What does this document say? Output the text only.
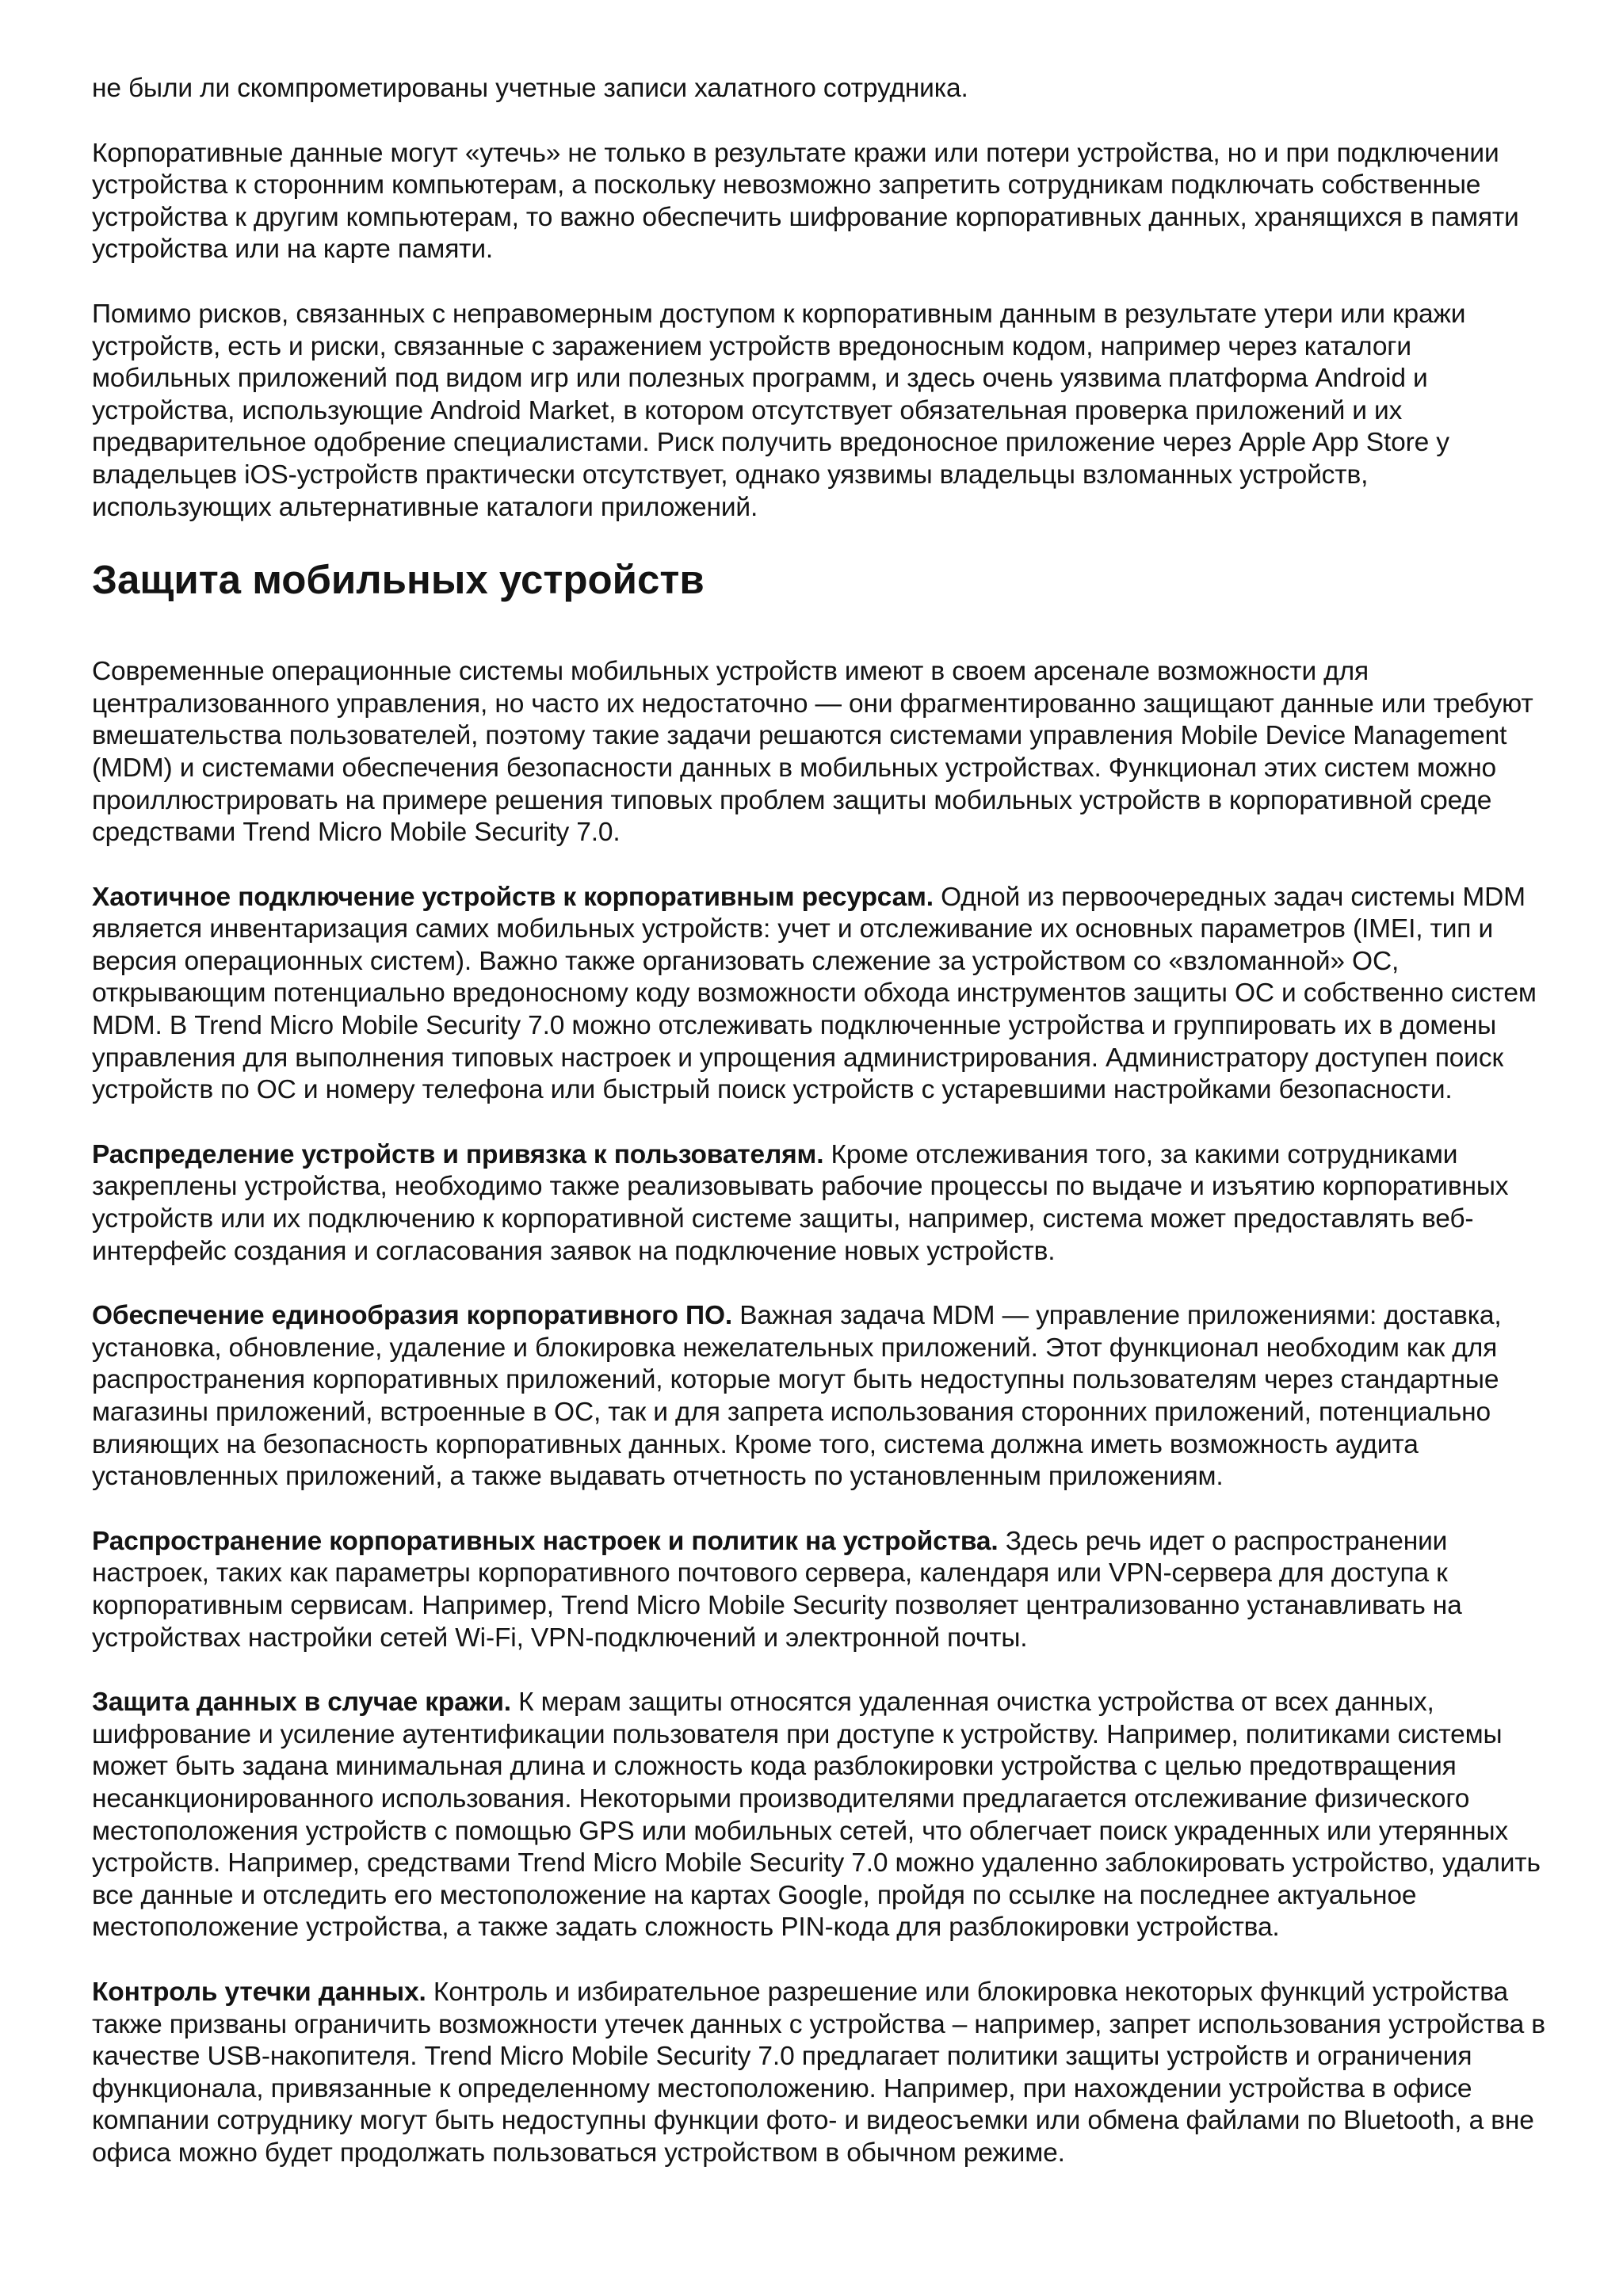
не были ли скомпрометированы учетные записи халатного сотрудника.

Корпоративные данные могут «утечь» не только в результате кражи или потери устройства, но и при подключении устройства к сторонним компьютерам, а поскольку невозможно запретить сотрудникам подключать собственные устройства к другим компьютерам, то важно обеспечить шифрование корпоративных данных, хранящихся в памяти устройства или на карте памяти.

Помимо рисков, связанных с неправомерным доступом к корпоративным данным в результате утери или кражи устройств, есть и риски, связанные с заражением устройств вредоносным кодом, например через каталоги мобильных приложений под видом игр или полезных программ, и здесь очень уязвима платформа Android и устройства, использующие Android Market, в котором отсутствует обязательная проверка приложений и их предварительное одобрение специалистами. Риск получить вредоносное приложение через Apple App Store у владельцев iOS-устройств практически отсутствует, однако уязвимы владельцы взломанных устройств, использующих альтернативные каталоги приложений.

Защита мобильных устройств

Современные операционные системы мобильных устройств имеют в своем арсенале возможности для централизованного управления, но часто их недостаточно — они фрагментированно защищают данные или требуют вмешательства пользователей, поэтому такие задачи решаются системами управления Mobile Device Management (MDM) и системами обеспечения безопасности данных в мобильных устройствах. Функционал этих систем можно проиллюстрировать на примере решения типовых проблем защиты мобильных устройств в корпоративной среде средствами Trend Micro Mobile Security 7.0.

Хаотичное подключение устройств к корпоративным ресурсам. Одной из первоочередных задач системы MDM является инвентаризация самих мобильных устройств: учет и отслеживание их основных параметров (IMEI, тип и версия операционных систем). Важно также организовать слежение за устройством со «взломанной» ОС, открывающим потенциально вредоносному коду возможности обхода инструментов защиты ОС и собственно систем MDM. В Trend Micro Mobile Security 7.0 можно отслеживать подключенные устройства и группировать их в домены управления для выполнения типовых настроек и упрощения администрирования. Администратору доступен поиск устройств по ОС и номеру телефона или быстрый поиск устройств с устаревшими настройками безопасности.

Распределение устройств и привязка к пользователям. Кроме отслеживания того, за какими сотрудниками закреплены устройства, необходимо также реализовывать рабочие процессы по выдаче и изъятию корпоративных устройств или их подключению к корпоративной системе защиты, например, система может предоставлять веб-интерфейс создания и согласования заявок на подключение новых устройств.

Обеспечение единообразия корпоративного ПО. Важная задача MDM — управление приложениями: доставка, установка, обновление, удаление и блокировка нежелательных приложений. Этот функционал необходим как для распространения корпоративных приложений, которые могут быть недоступны пользователям через стандартные магазины приложений, встроенные в ОС, так и для запрета использования сторонних приложений, потенциально влияющих на безопасность корпоративных данных. Кроме того, система должна иметь возможность аудита установленных приложений, а также выдавать отчетность по установленным приложениям.

Распространение корпоративных настроек и политик на устройства. Здесь речь идет о распространении настроек, таких как параметры корпоративного почтового сервера, календаря или VPN-сервера для доступа к корпоративным сервисам. Например, Trend Micro Mobile Security позволяет централизованно устанавливать на устройствах настройки сетей Wi-Fi, VPN-подключений и электронной почты.

Защита данных в случае кражи. К мерам защиты относятся удаленная очистка устройства от всех данных, шифрование и усиление аутентификации пользователя при доступе к устройству. Например, политиками системы может быть задана минимальная длина и сложность кода разблокировки устройства с целью предотвращения несанкционированного использования. Некоторыми производителями предлагается отслеживание физического местоположения устройств с помощью GPS или мобильных сетей, что облегчает поиск украденных или утерянных устройств. Например, средствами Trend Micro Mobile Security 7.0 можно удаленно заблокировать устройство, удалить все данные и отследить его местоположение на картах Google, пройдя по ссылке на последнее актуальное местоположение устройства, а также задать сложность PIN-кода для разблокировки устройства.

Контроль утечки данных. Контроль и избирательное разрешение или блокировка некоторых функций устройства также призваны ограничить возможности утечек данных с устройства – например, запрет использования устройства в качестве USB-накопителя. Trend Micro Mobile Security 7.0 предлагает политики защиты устройств и ограничения функционала, привязанные к определенному местоположению. Например, при нахождении устройства в офисе компании сотруднику могут быть недоступны функции фото- и видеосъемки или обмена файлами по Bluetooth, а вне офиса можно будет продолжать пользоваться устройством в обычном режиме.
